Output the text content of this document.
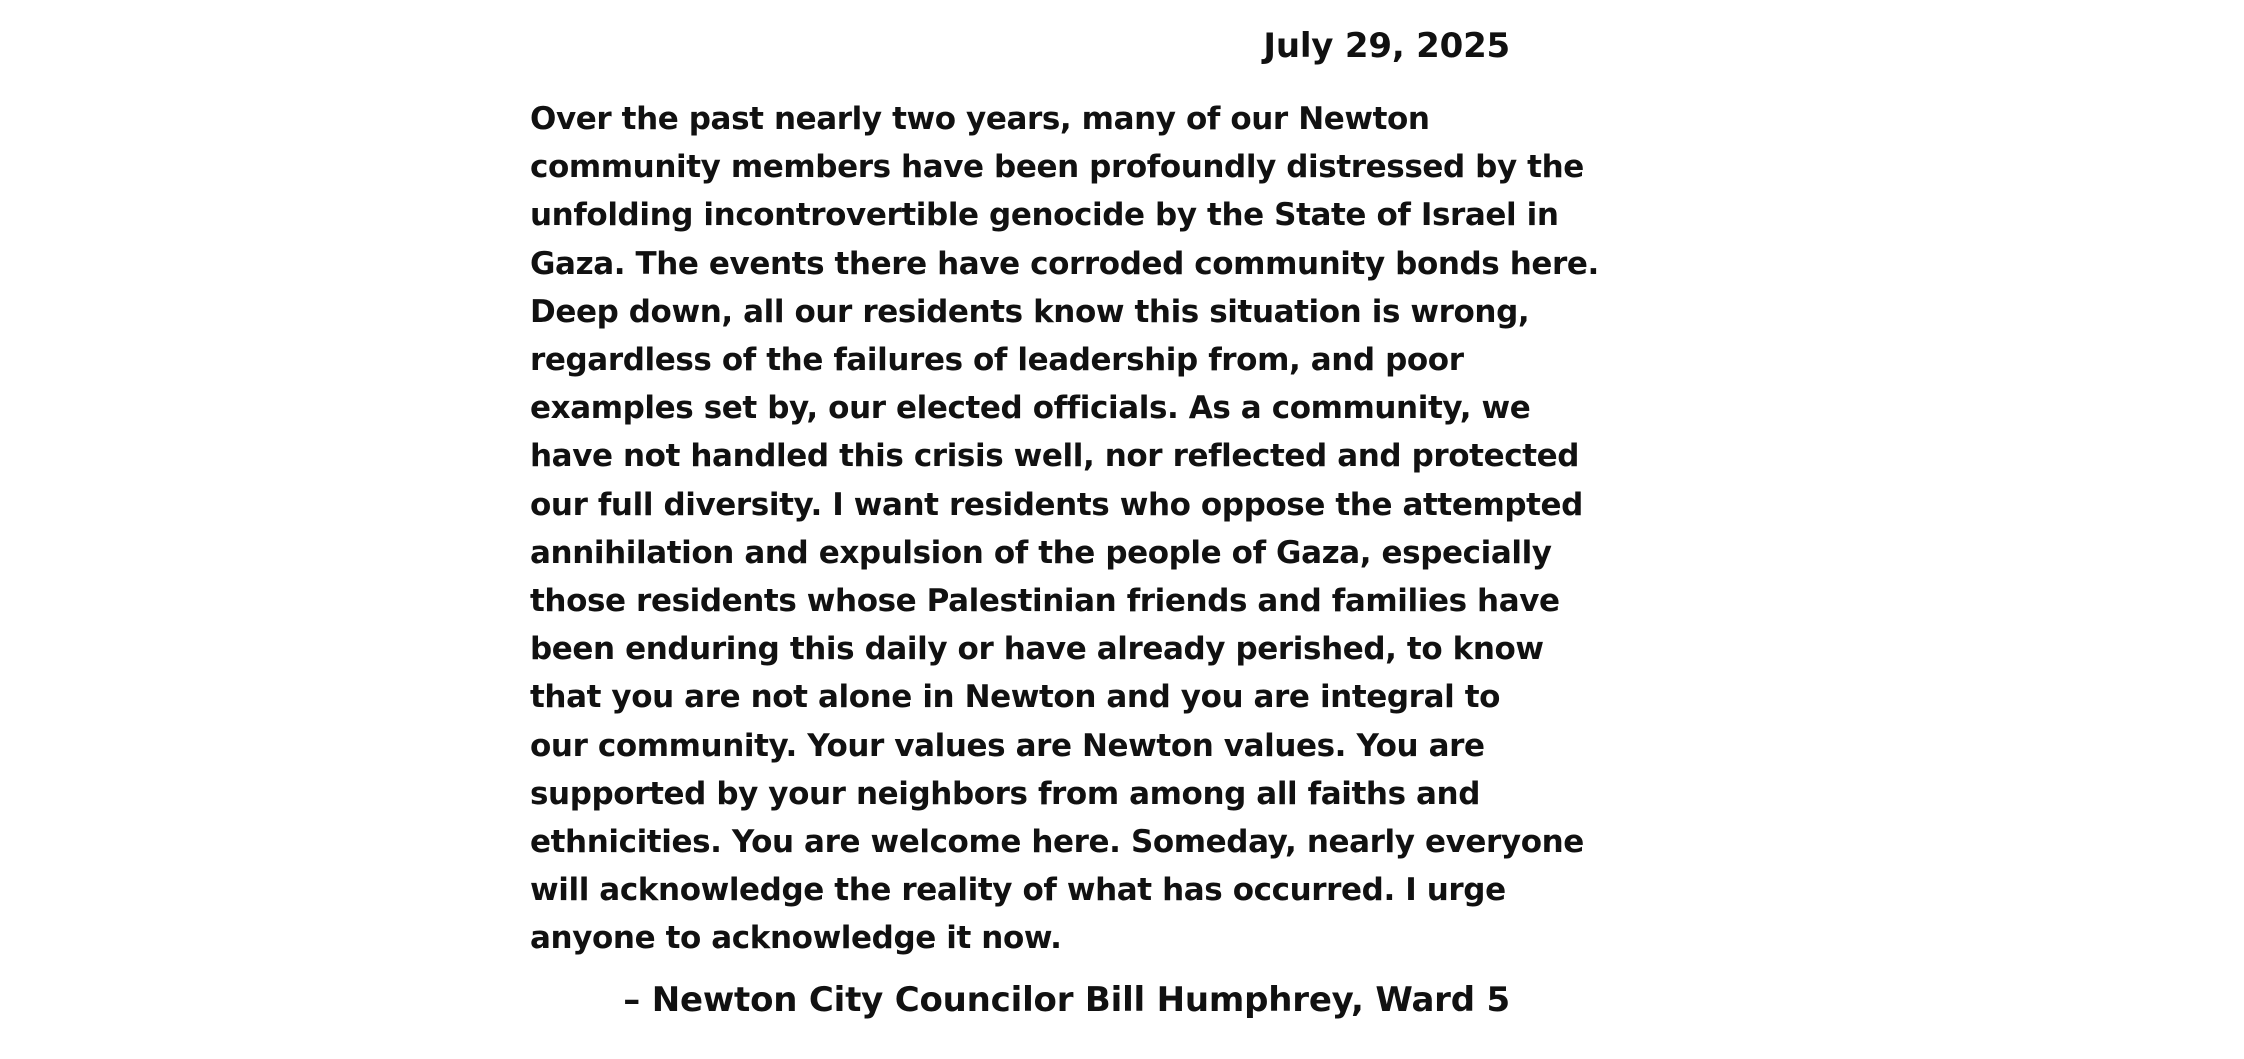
July 29, 2025
Over the past nearly two years, many of our Newton
community members have been profoundly distressed by the
unfolding incontrovertible genocide by the State of Israel in
Gaza. The events there have corroded community bonds here.
Deep down, all our residents know this situation is wrong,
regardless of the failures of leadership from, and poor
examples set by, our elected officials. As a community, we
have not handled this crisis well, nor reflected and protected
our full diversity. I want residents who oppose the attempted
annihilation and expulsion of the people of Gaza, especially
those residents whose Palestinian friends and families have
been enduring this daily or have already perished, to know
that you are not alone in Newton and you are integral to
our community. Your values are Newton values. You are
supported by your neighbors from among all faiths and
ethnicities. You are welcome here. Someday, nearly everyone
will acknowledge the reality of what has occurred. I urge
anyone to acknowledge it now.
– Newton City Councilor Bill Humphrey, Ward 5
